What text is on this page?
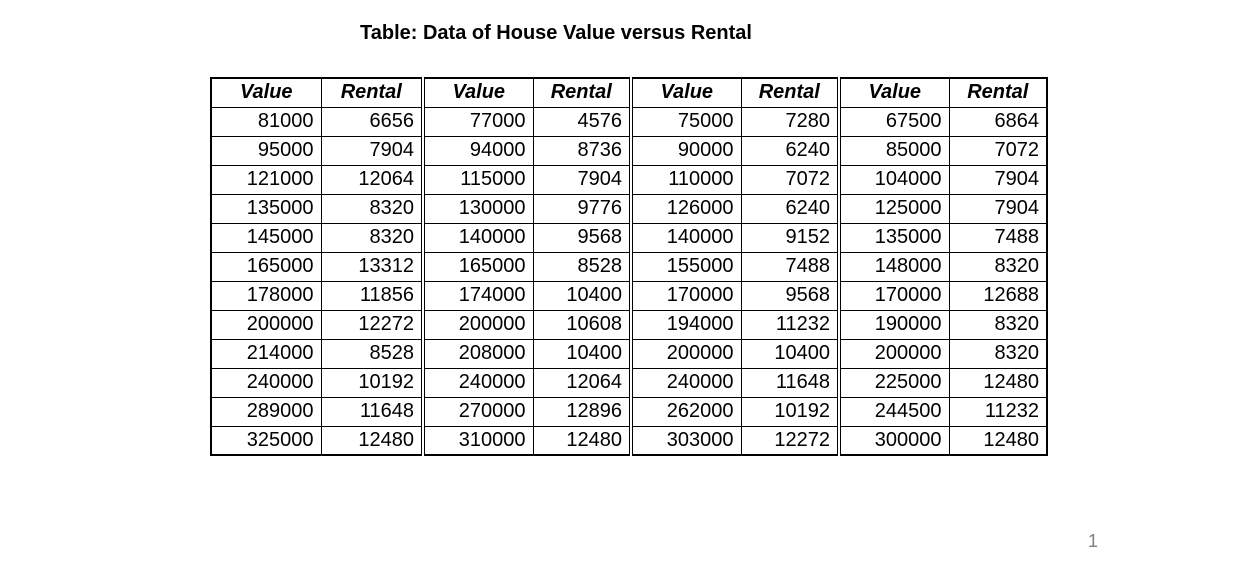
Table: Data of House Value versus Rental
Value	Rental	Value	Rental	Value	Rental	Value	Rental
81000	6656	77000	4576	75000	7280	67500	6864
95000	7904	94000	8736	90000	6240	85000	7072
121000	12064	115000	7904	110000	7072	104000	7904
135000	8320	130000	9776	126000	6240	125000	7904
145000	8320	140000	9568	140000	9152	135000	7488
165000	13312	165000	8528	155000	7488	148000	8320
178000	11856	174000	10400	170000	9568	170000	12688
200000	12272	200000	10608	194000	11232	190000	8320
214000	8528	208000	10400	200000	10400	200000	8320
240000	10192	240000	12064	240000	11648	225000	12480
289000	11648	270000	12896	262000	10192	244500	11232
325000	12480	310000	12480	303000	12272	300000	12480
1
